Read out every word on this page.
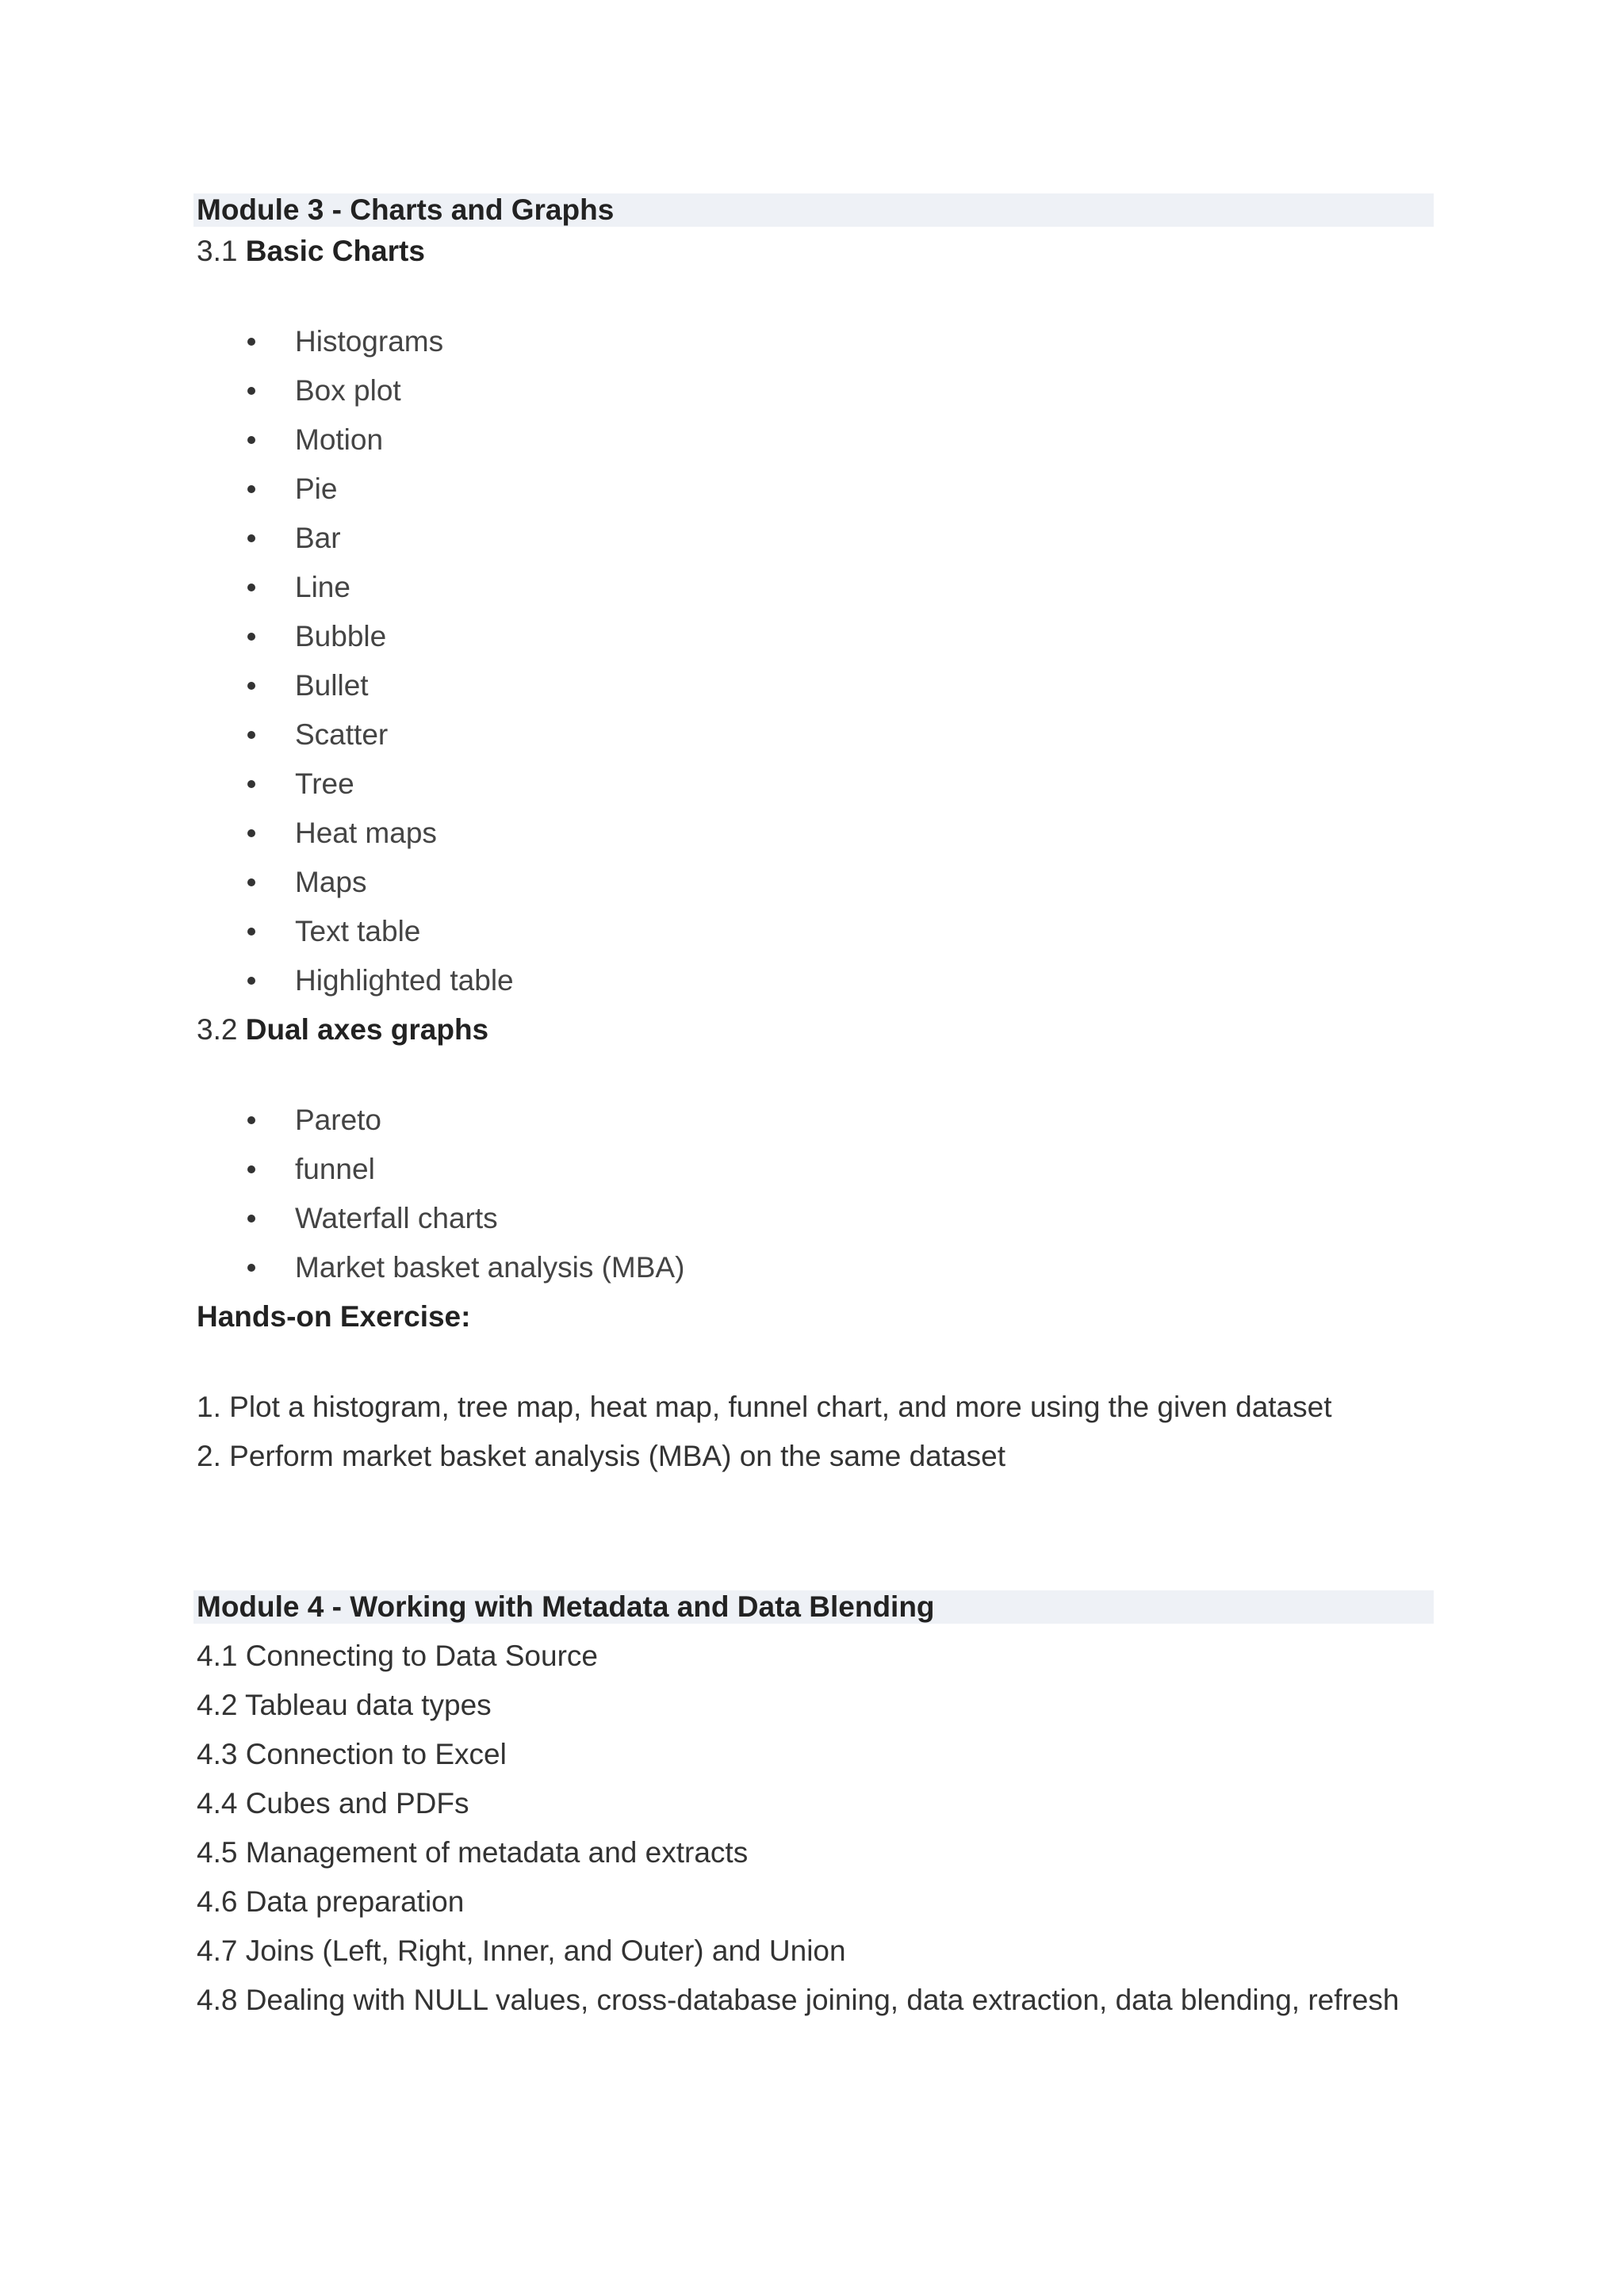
Module 3 - Charts and Graphs
3.1 Basic Charts
Histograms
Box plot
Motion
Pie
Bar
Line
Bubble
Bullet
Scatter
Tree
Heat maps
Maps
Text table
Highlighted table
3.2 Dual axes graphs
Pareto
funnel
Waterfall charts
Market basket analysis (MBA)
Hands-on Exercise:
1. Plot a histogram, tree map, heat map, funnel chart, and more using the given dataset
2. Perform market basket analysis (MBA) on the same dataset
Module 4 - Working with Metadata and Data Blending
4.1 Connecting to Data Source
4.2 Tableau data types
4.3 Connection to Excel
4.4 Cubes and PDFs
4.5 Management of metadata and extracts
4.6 Data preparation
4.7 Joins (Left, Right, Inner, and Outer) and Union
4.8 Dealing with NULL values, cross-database joining, data extraction, data blending, refresh
